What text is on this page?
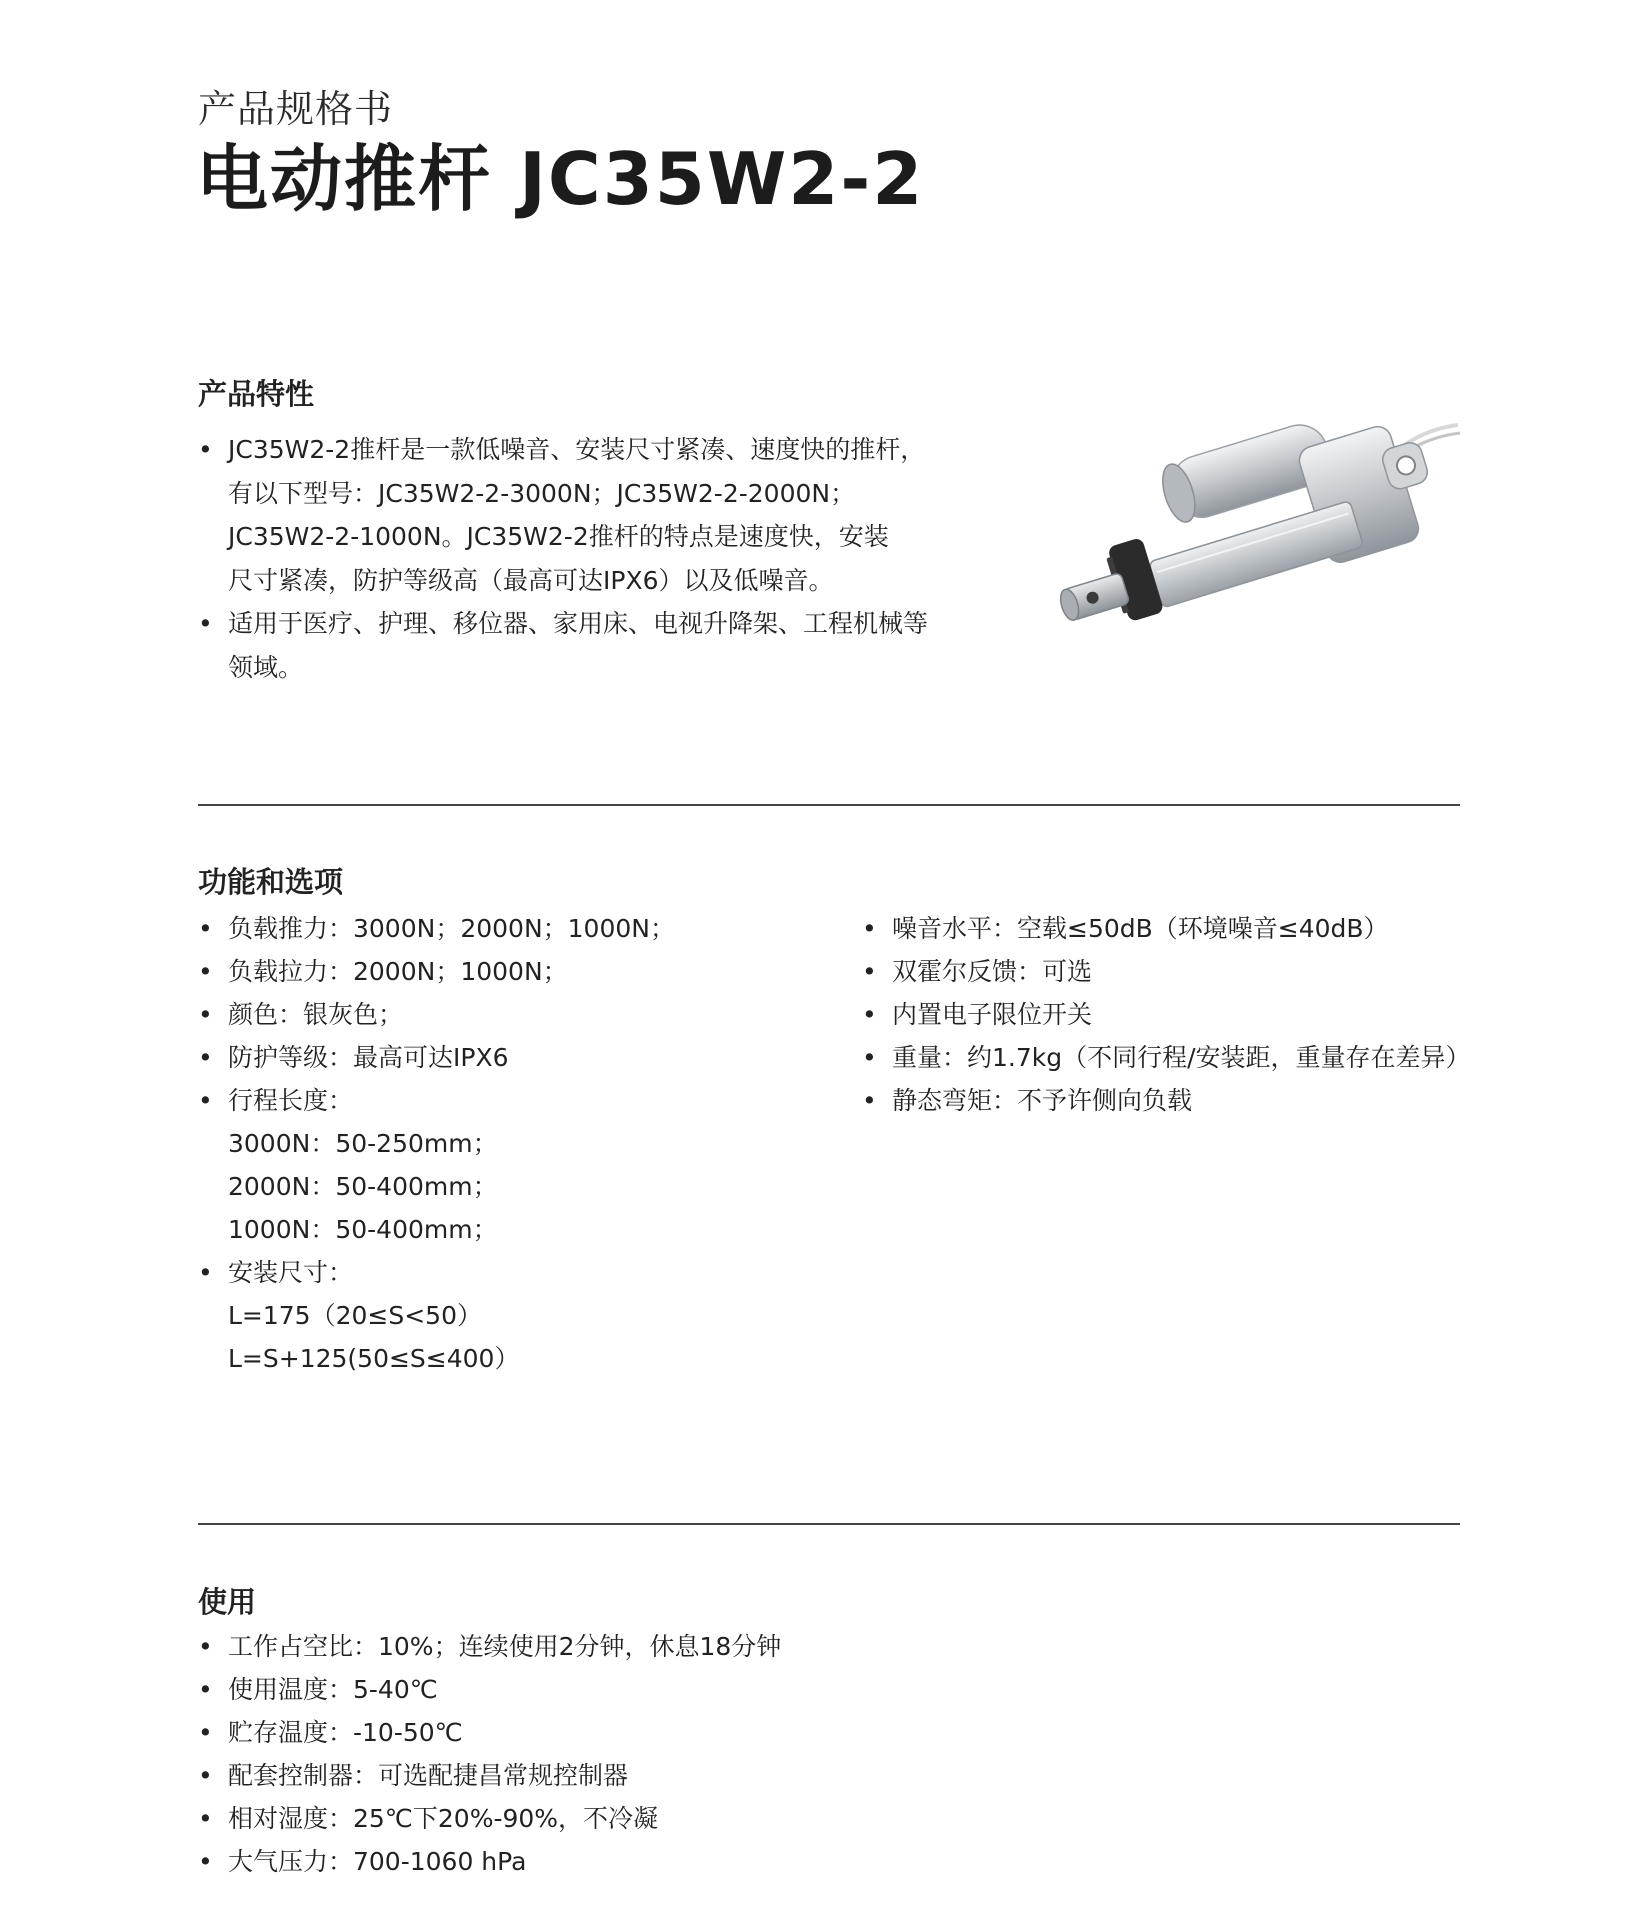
产品规格书
电动推杆 JC35W2-2
产品特性
• JC35W2-2推杆是一款低噪音、安装尺寸紧凑、速度快的推杆，
有以下型号：JC35W2-2-3000N；JC35W2-2-2000N；
JC35W2-2-1000N。JC35W2-2推杆的特点是速度快，安装
尺寸紧凑，防护等级高（最高可达IPX6）以及低噪音。
• 适用于医疗、护理、移位器、家用床、电视升降架、工程机械等
领域。
功能和选项
• 负载推力：3000N；2000N；1000N；
• 负载拉力：2000N；1000N；
• 颜色：银灰色；
• 防护等级：最高可达IPX6
• 行程长度：
3000N：50-250mm；
2000N：50-400mm；
1000N：50-400mm；
• 安装尺寸：
L=175（20≤S<50）
L=S+125(50≤S≤400）
• 噪音水平：空载≤50dB（环境噪音≤40dB）
• 双霍尔反馈：可选
• 内置电子限位开关
• 重量：约1.7kg（不同行程/安装距，重量存在差异）
• 静态弯矩：不予许侧向负载
使用
• 工作占空比：10%；连续使用2分钟，休息18分钟
• 使用温度：5-40℃
• 贮存温度：-10-50℃
• 配套控制器：可选配捷昌常规控制器
• 相对湿度：25℃下20%-90%，不冷凝
• 大气压力：700-1060 hPa
